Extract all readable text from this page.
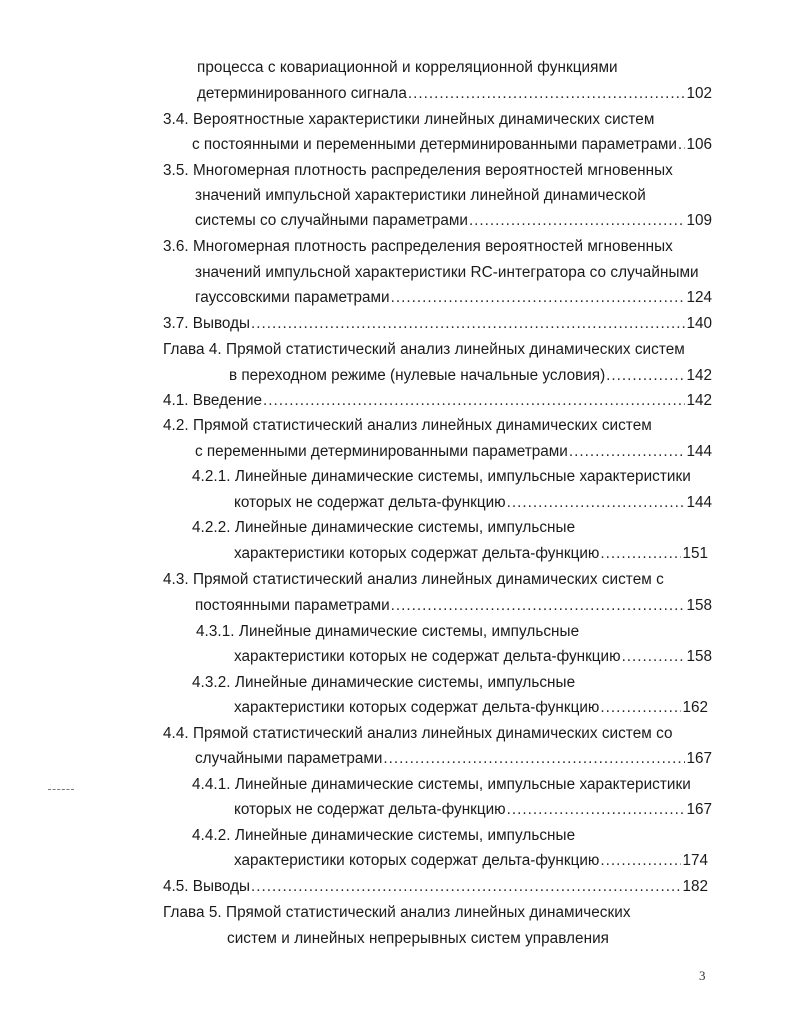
процесса с ковариационной и корреляционной функциями
детерминированного сигнала .....	102
3.4. Вероятностные характеристики линейных динамических систем
с постоянными и переменными детерминированными параметрами ..... 106
3.5. Многомерная плотность распределения вероятностей мгновенных
значений импульсной характеристики линейной динамической
системы со случайными параметрами .....	109
3.6. Многомерная плотность распределения вероятностей мгновенных
значений импульсной характеристики RC-интегратора со случайными
гауссовскими параметрами .....	124
3.7. Выводы .....	140
Глава 4. Прямой статистический анализ линейных динамических систем
в переходном режиме (нулевые начальные условия) .....	142
4.1. Введение .....	142
4.2. Прямой статистический анализ линейных динамических систем
с переменными детерминированными параметрами .....	144
4.2.1. Линейные динамические системы, импульсные характеристики
которых не содержат дельта-функцию .....	144
4.2.2. Линейные динамические системы, импульсные
характеристики которых содержат дельта-функцию .....	151
4.3. Прямой статистический анализ линейных динамических систем с
постоянными параметрами .....	158
4.3.1. Линейные динамические системы, импульсные
характеристики которых не содержат дельта-функцию .....	158
4.3.2. Линейные динамические системы, импульсные
характеристики которых содержат дельта-функцию .....	162
4.4. Прямой статистический анализ линейных динамических систем со
случайными параметрами .....	167
4.4.1. Линейные динамические системы, импульсные характеристики
которых не содержат дельта-функцию .....	167
4.4.2. Линейные динамические системы, импульсные
характеристики которых содержат дельта-функцию .....	174
4.5. Выводы .....	182
Глава 5. Прямой статистический анализ линейных динамических
систем и линейных непрерывных систем управления
3
